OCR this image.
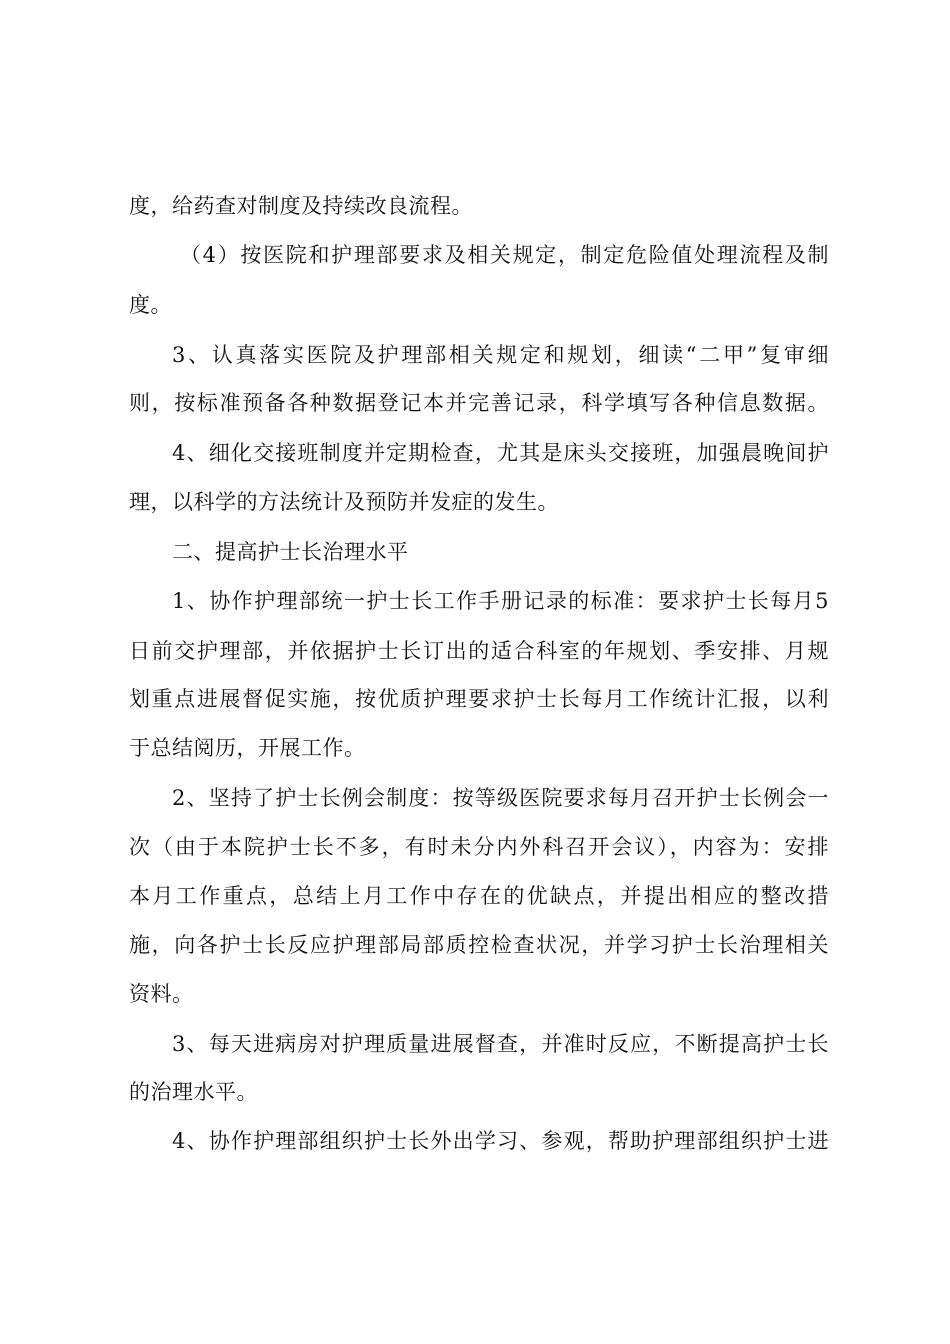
度，给药查对制度及持续改良流程。
（4）按医院和护理部要求及相关规定，制定危险值处理流程及制
度。
3、认真落实医院及护理部相关规定和规划，细读“二甲”复审细
则，按标准预备各种数据登记本并完善记录，科学填写各种信息数据。
4、细化交接班制度并定期检查，尤其是床头交接班，加强晨晚间护
理，以科学的方法统计及预防并发症的发生。
二、提高护士长治理水平
1、协作护理部统一护士长工作手册记录的标准：要求护士长每月5
日前交护理部，并依据护士长订出的适合科室的年规划、季安排、月规
划重点进展督促实施，按优质护理要求护士长每月工作统计汇报，以利
于总结阅历，开展工作。
2、坚持了护士长例会制度：按等级医院要求每月召开护士长例会一
次（由于本院护士长不多，有时未分内外科召开会议），内容为：安排
本月工作重点，总结上月工作中存在的优缺点，并提出相应的整改措
施，向各护士长反应护理部局部质控检查状况，并学习护士长治理相关
资料。
3、每天进病房对护理质量进展督查，并准时反应，不断提高护士长
的治理水平。
4、协作护理部组织护士长外出学习、参观，帮助护理部组织护士进
